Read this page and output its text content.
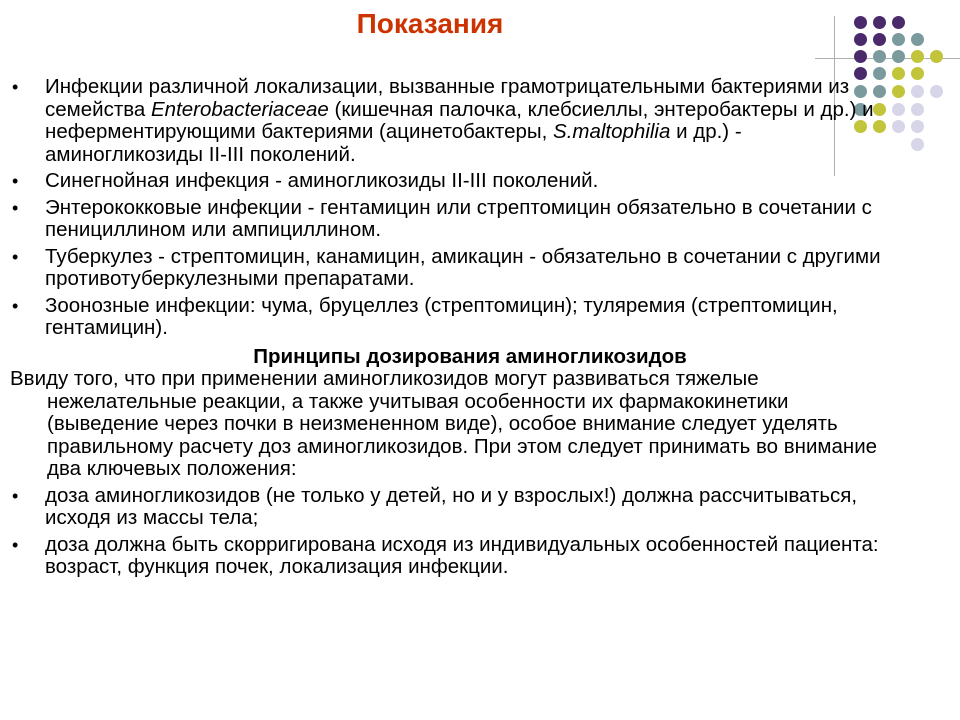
Показания
• Инфекции различной локализации, вызванные грамотрицательными бактериями из семейства Enterobacteriaceae (кишечная палочка, клебсиеллы, энтеробактеры и др.) и неферментирующими бактериями (ацинетобактеры, S.maltophilia и др.) - аминогликозиды II-III поколений.
• Синегнойная инфекция - аминогликозиды II-III поколений.
• Энтерококковые инфекции - гентамицин или стрептомицин обязательно в сочетании с пенициллином или ампициллином.
• Туберкулез - стрептомицин, канамицин, амикацин - обязательно в сочетании с другими противотуберкулезными препаратами.
• Зоонозные инфекции: чума, бруцеллез (стрептомицин); туляремия (стрептомицин, гентамицин).
Принципы дозирования аминогликозидов
Ввиду того, что при применении аминогликозидов могут развиваться тяжелые нежелательные реакции, а также учитывая особенности их фармакокинетики (выведение через почки в неизмененном виде), особое внимание следует уделять правильному расчету доз аминогликозидов. При этом следует принимать во внимание два ключевых положения:
• доза аминогликозидов (не только у детей, но и у взрослых!) должна рассчитываться, исходя из массы тела;
• доза должна быть скорригирована исходя из индивидуальных особенностей пациента: возраст, функция почек, локализация инфекции.
